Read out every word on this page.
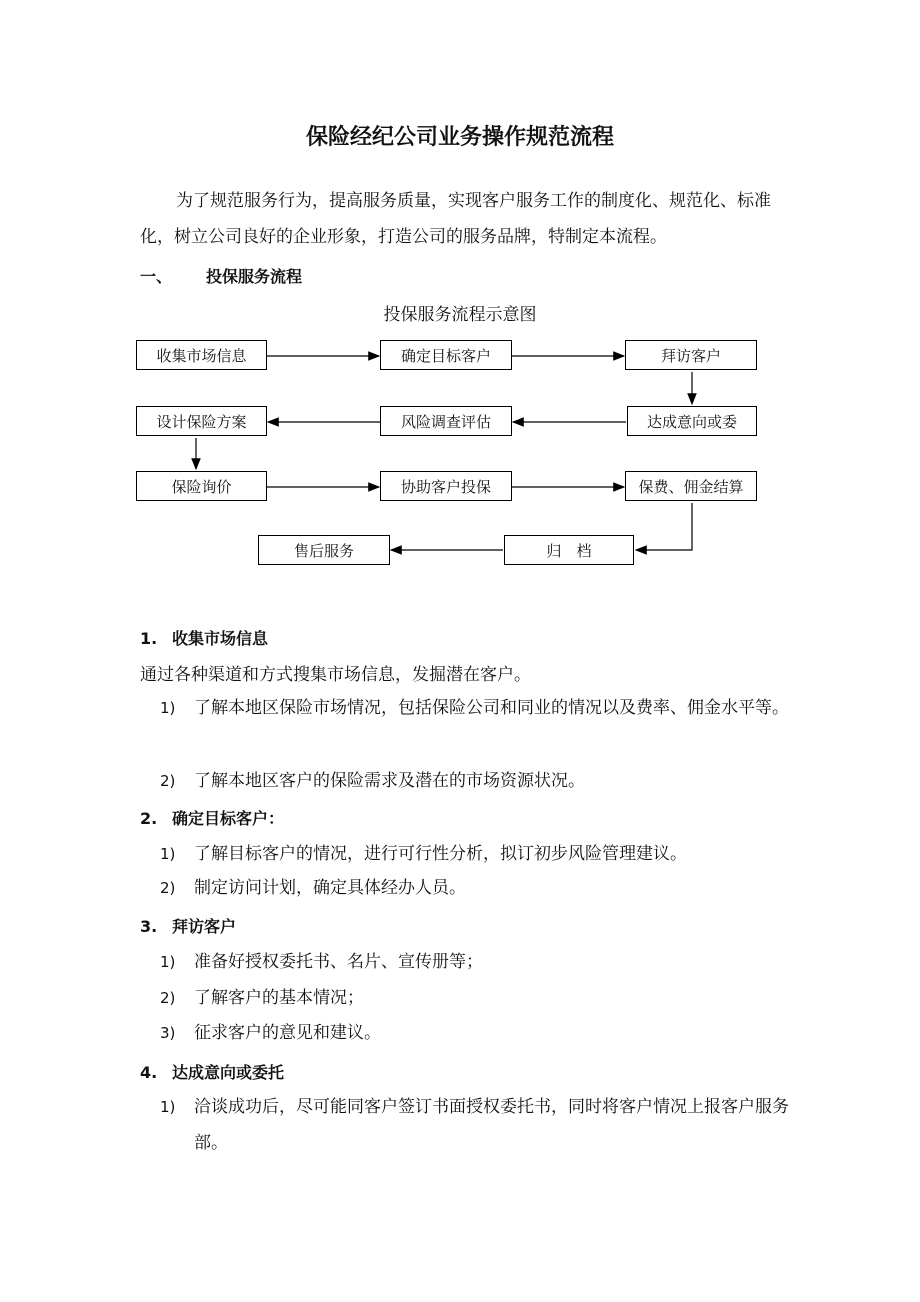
保险经纪公司业务操作规范流程
为了规范服务行为，提高服务质量，实现客户服务工作的制度化、规范化、标准化，树立公司良好的企业形象，打造公司的服务品牌，特制定本流程。
一、 投保服务流程
投保服务流程示意图
收集市场信息	确定目标客户	拜访客户
设计保险方案	风险调查评估	达成意向或委
保险询价	协助客户投保	保费、佣金结算
售后服务	归　档
1. 收集市场信息
通过各种渠道和方式搜集市场信息，发掘潜在客户。
1)	了解本地区保险市场情况，包括保险公司和同业的情况以及费率、佣金水平等。
2)	了解本地区客户的保险需求及潜在的市场资源状况。
2. 确定目标客户：
1)	了解目标客户的情况，进行可行性分析，拟订初步风险管理建议。
2)	制定访问计划，确定具体经办人员。
3. 拜访客户
1)	准备好授权委托书、名片、宣传册等；
2)	了解客户的基本情况；
3)	征求客户的意见和建议。
4. 达成意向或委托
1)	洽谈成功后，尽可能同客户签订书面授权委托书，同时将客户情况上报客户服务部。
